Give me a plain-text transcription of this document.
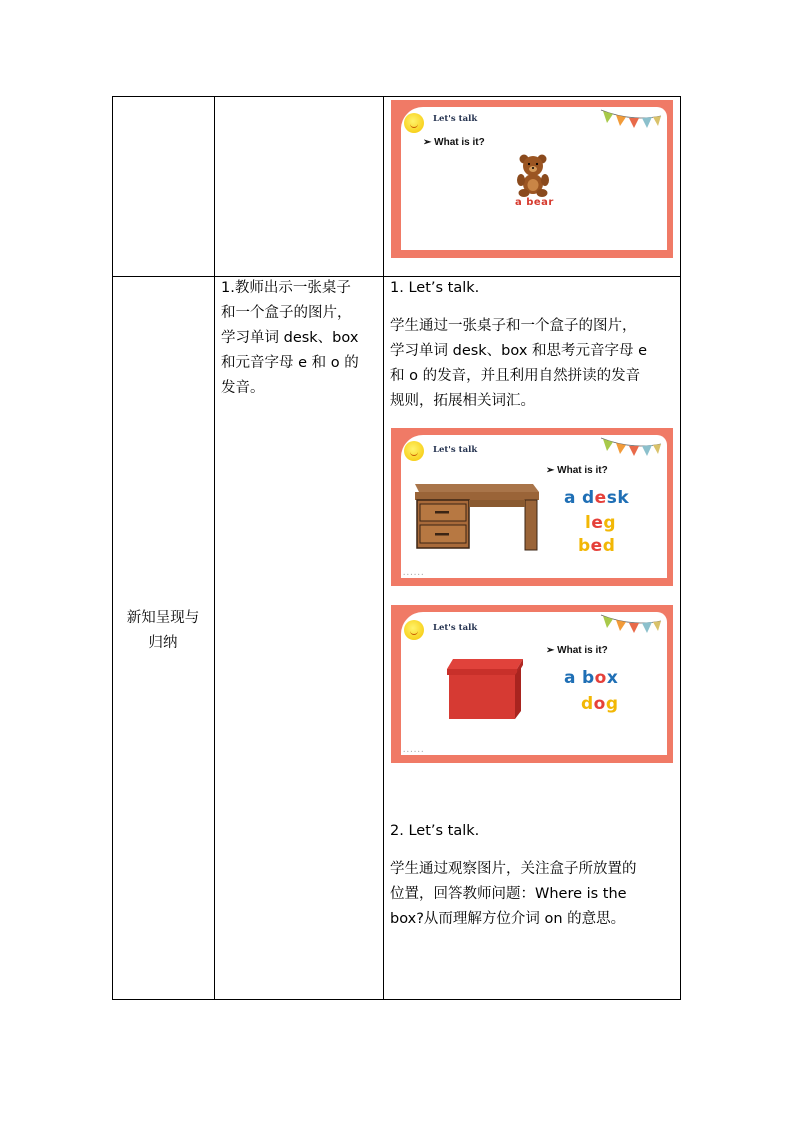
Let's talk
➢ What is it?
a bear
新知呈现与
归纳
1.教师出示一张桌子
和一个盒子的图片，
学习单词 desk、box
和元音字母 e 和 o 的
发音。
1. Let’s talk.
学生通过一张桌子和一个盒子的图片，
学习单词 desk、box 和思考元音字母 e
和 o 的发音，并且利用自然拼读的发音
规则，拓展相关词汇。
Let's talk
➢ What is it?
a desk
leg
bed
• • • • • •
Let's talk
➢ What is it?
a box
dog
• • • • • •
2. Let’s talk.
学生通过观察图片，关注盒子所放置的
位置，回答教师问题：Where is the
box?从而理解方位介词 on 的意思。
